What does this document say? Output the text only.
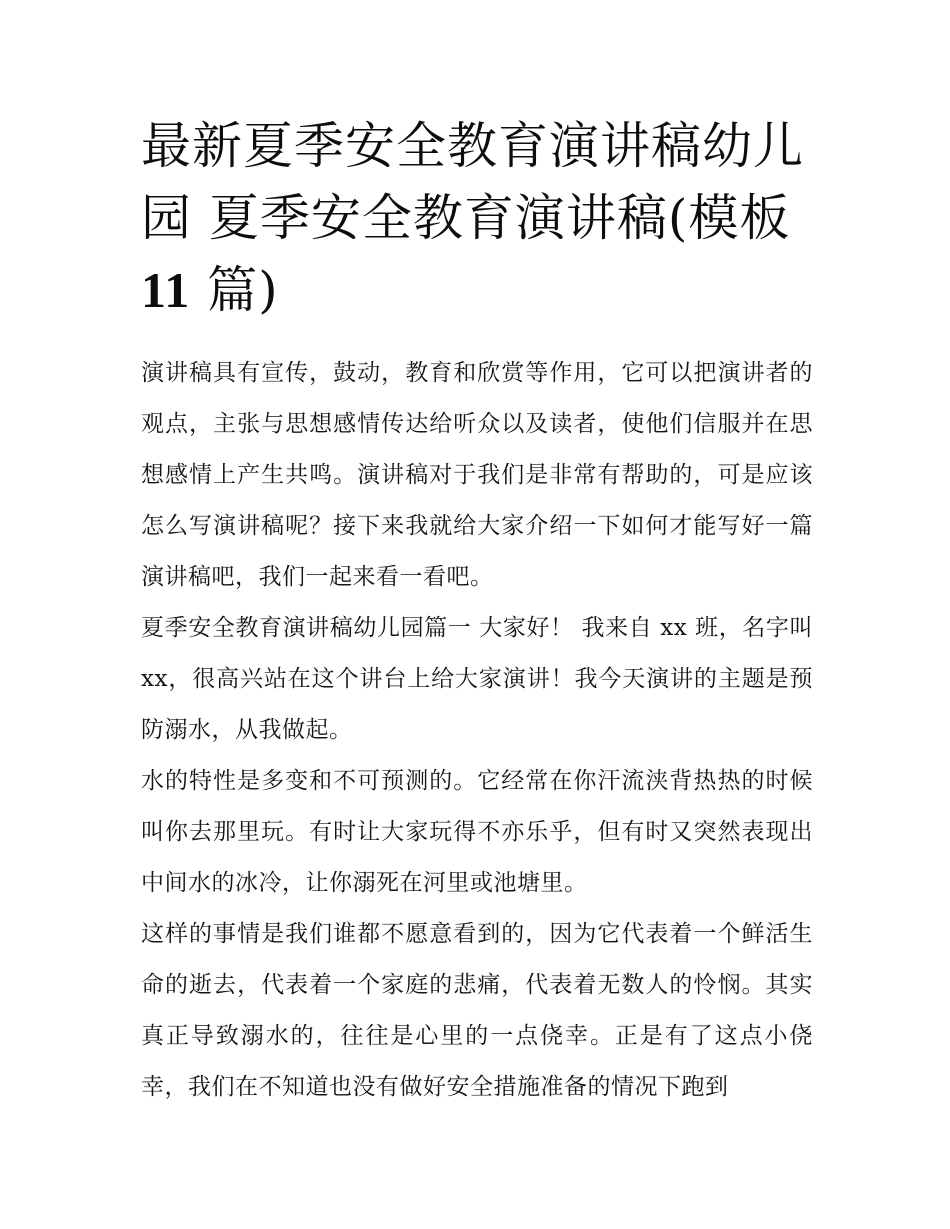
最新夏季安全教育演讲稿幼儿
园 夏季安全教育演讲稿(模板
11 篇)

演讲稿具有宣传，鼓动，教育和欣赏等作用，它可以把演讲者的观点，主张与思想感情传达给听众以及读者，使他们信服并在思想感情上产生共鸣。演讲稿对于我们是非常有帮助的，可是应该怎么写演讲稿呢？接下来我就给大家介绍一下如何才能写好一篇演讲稿吧，我们一起来看一看吧。

夏季安全教育演讲稿幼儿园篇一 大家好！ 我来自 xx 班，名字叫 xx，很高兴站在这个讲台上给大家演讲！我今天演讲的主题是预防溺水，从我做起。

水的特性是多变和不可预测的。它经常在你汗流浃背热热的时候叫你去那里玩。有时让大家玩得不亦乐乎，但有时又突然表现出中间水的冰冷，让你溺死在河里或池塘里。

这样的事情是我们谁都不愿意看到的，因为它代表着一个鲜活生命的逝去，代表着一个家庭的悲痛，代表着无数人的怜悯。其实真正导致溺水的，往往是心里的一点侥幸。正是有了这点小侥幸，我们在不知道也没有做好安全措施准备的情况下跑到
